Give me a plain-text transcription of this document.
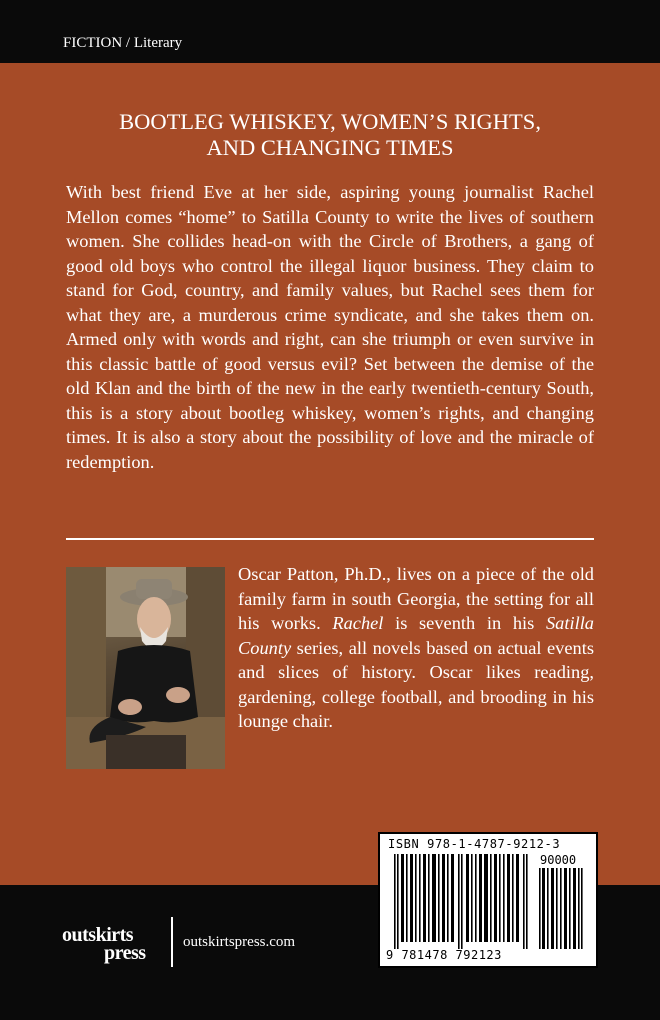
FICTION / Literary
BOOTLEG WHISKEY, WOMEN’S RIGHTS,
AND CHANGING TIMES

With best friend Eve at her side, aspiring young journalist Rachel Mellon comes “home” to Satilla County to write the lives of southern women. She collides head-on with the Circle of Brothers, a gang of good old boys who control the illegal liquor business. They claim to stand for God, country, and family values, but Rachel sees them for what they are, a murderous crime syndicate, and she takes them on. Armed only with words and right, can she triumph or even survive in this classic battle of good versus evil? Set between the demise of the old Klan and the birth of the new in the early twentieth-century South, this is a story about bootleg whiskey, women’s rights, and changing times. It is also a story about the possibility of love and the miracle of redemption.

Oscar Patton, Ph.D., lives on a piece of the old family farm in south Georgia, the setting for all his works. Rachel is seventh in his Satilla County series, all novels based on actual events and slices of history. Oscar likes reading, gardening, college football, and brooding in his lounge chair.

ISBN 978-1-4787-9212-3
90000
9 781478 792123
outskirts
press outskirtspress.com
